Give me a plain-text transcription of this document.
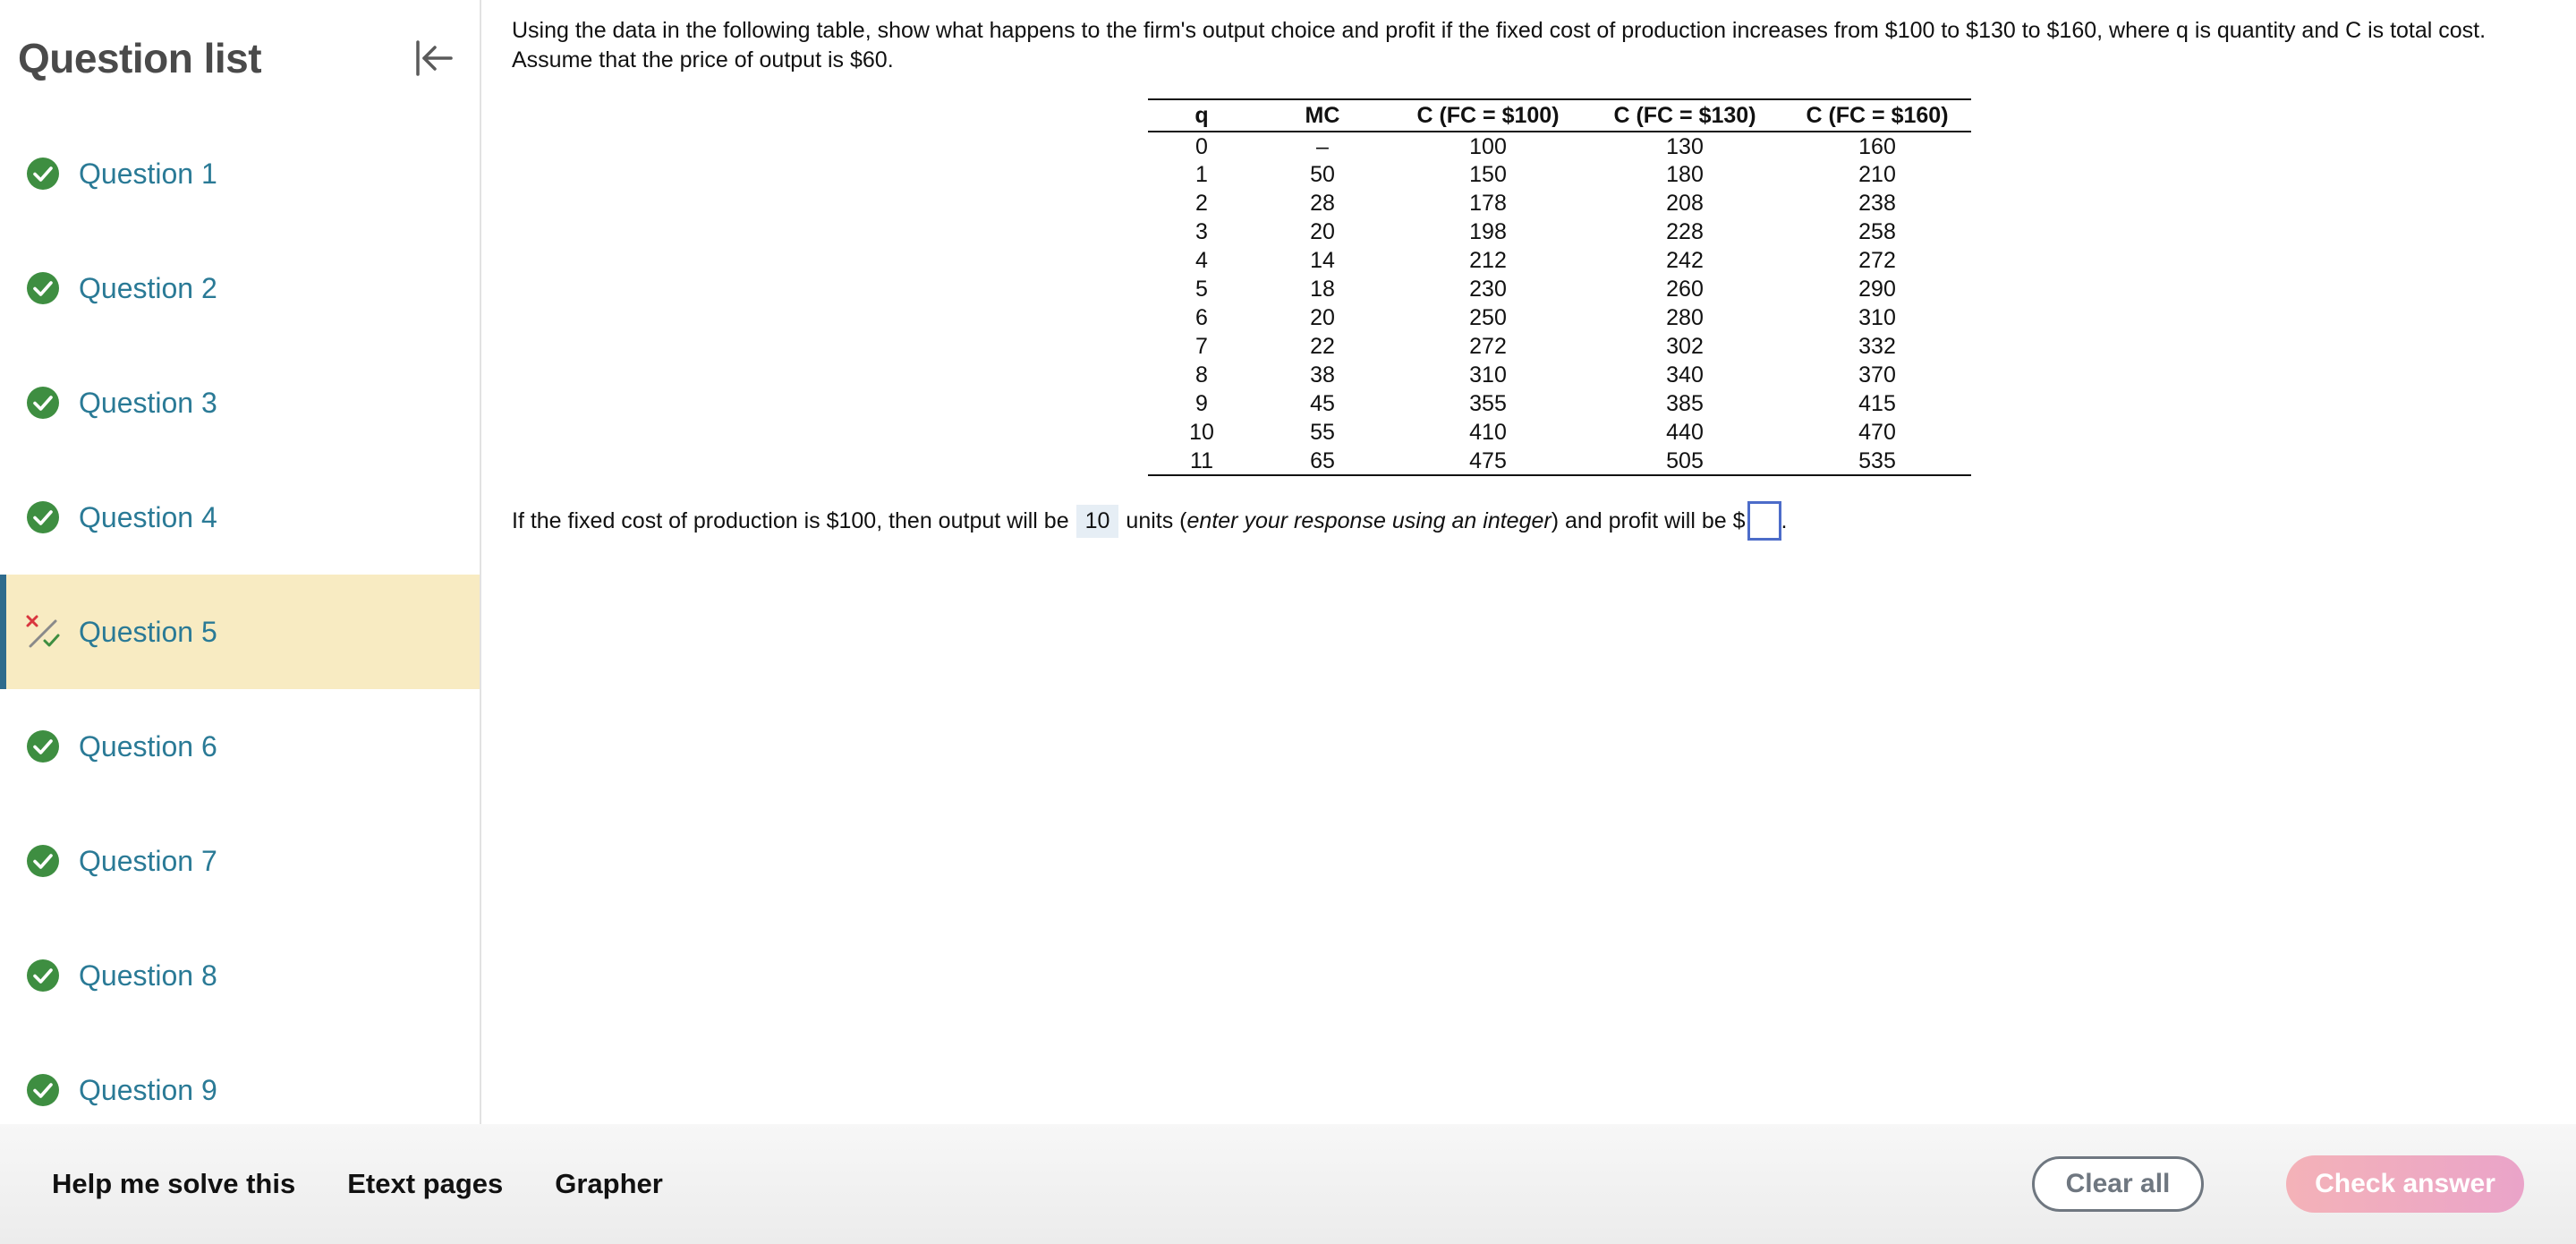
Question list
Question 1
Question 2
Question 3
Question 4
Question 5
Question 6
Question 7
Question 8
Question 9

Using the data in the following table, show what happens to the firm's output choice and profit if the fixed cost of production increases from $100 to $130 to $160, where q is quantity and C is total cost. Assume that the price of output is $60.

q	MC	C (FC = $100)	C (FC = $130)	C (FC = $160)
0	–	100	130	160
1	50	150	180	210
2	28	178	208	238
3	20	198	228	258
4	14	212	242	272
5	18	230	260	290
6	20	250	280	310
7	22	272	302	332
8	38	310	340	370
9	45	355	385	415
10	55	410	440	470
11	65	475	505	535
If the fixed cost of production is $100, then output will be 10 units ( enter your response using an integer ) and profit will be $ .
Help me solve this Etext pages Grapher	Clear all	Check answer
